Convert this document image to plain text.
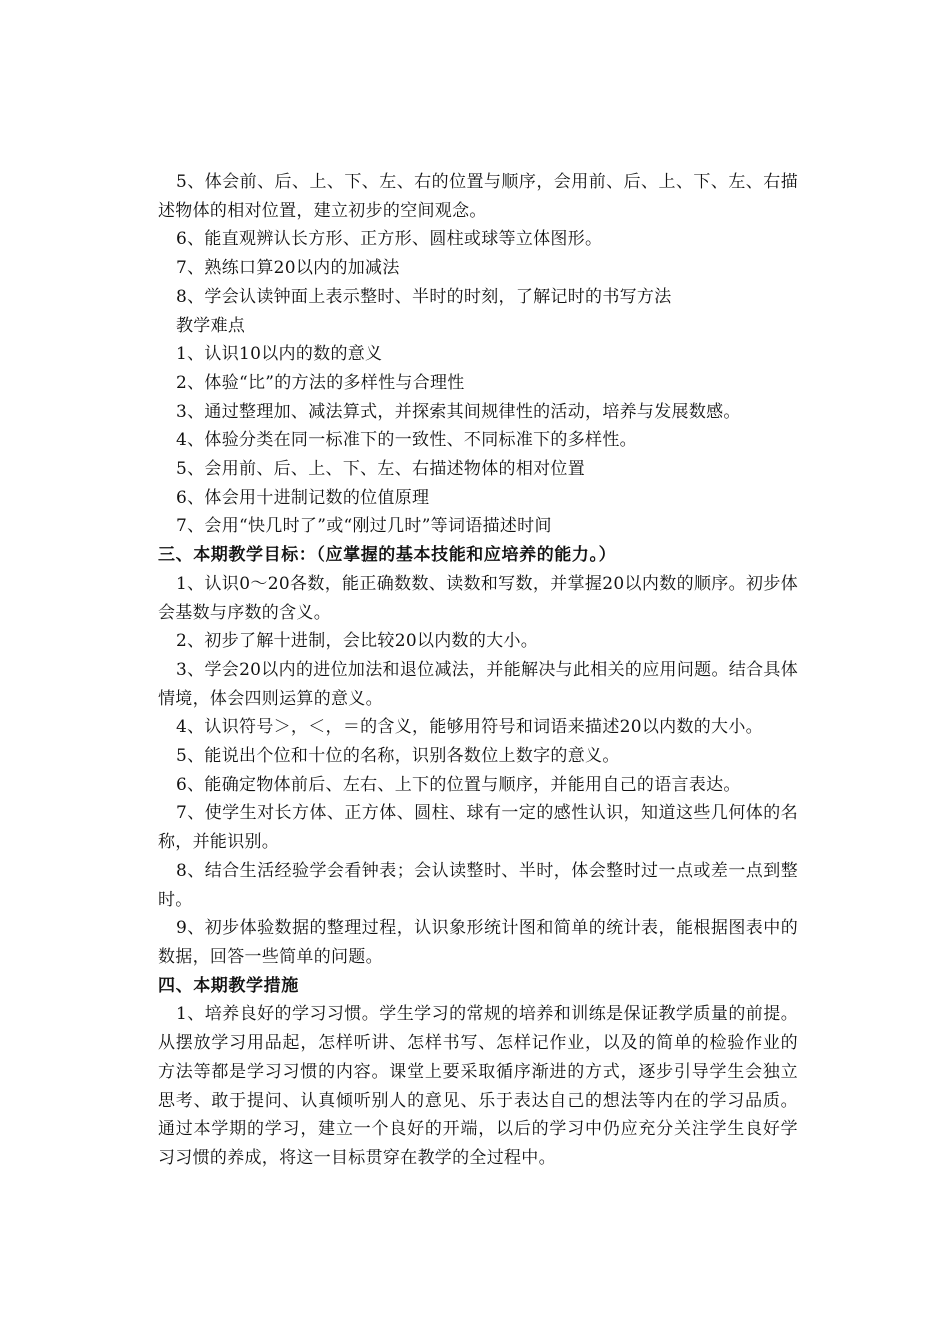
5、体会前、后、上、下、左、右的位置与顺序，会用前、后、上、下、左、右描述物体的相对位置，建立初步的空间观念。

6、能直观辨认长方形、正方形、圆柱或球等立体图形。

7、熟练口算20以内的加减法

8、学会认读钟面上表示整时、半时的时刻，了解记时的书写方法

教学难点

1、认识10以内的数的意义

2、体验“比”的方法的多样性与合理性

3、通过整理加、减法算式，并探索其间规律性的活动，培养与发展数感。

4、体验分类在同一标准下的一致性、不同标准下的多样性。

5、会用前、后、上、下、左、右描述物体的相对位置

6、体会用十进制记数的位值原理

7、会用“快几时了”或“刚过几时”等词语描述时间

三、本期教学目标：（应掌握的基本技能和应培养的能力。）

1、认识0～20各数，能正确数数、读数和写数，并掌握20以内数的顺序。初步体会基数与序数的含义。

2、初步了解十进制，会比较20以内数的大小。

3、学会20以内的进位加法和退位减法，并能解决与此相关的应用问题。结合具体情境，体会四则运算的意义。

4、认识符号＞，＜，＝的含义，能够用符号和词语来描述20以内数的大小。

5、能说出个位和十位的名称，识别各数位上数字的意义。

6、能确定物体前后、左右、上下的位置与顺序，并能用自己的语言表达。

7、使学生对长方体、正方体、圆柱、球有一定的感性认识，知道这些几何体的名称，并能识别。

8、结合生活经验学会看钟表；会认读整时、半时，体会整时过一点或差一点到整时。

9、初步体验数据的整理过程，认识象形统计图和简单的统计表，能根据图表中的数据，回答一些简单的问题。

四、本期教学措施

1、培养良好的学习习惯。学生学习的常规的培养和训练是保证教学质量的前提。从摆放学习用品起，怎样听讲、怎样书写、怎样记作业，以及的简单的检验作业的方法等都是学习习惯的内容。课堂上要采取循序渐进的方式，逐步引导学生会独立思考、敢于提问、认真倾听别人的意见、乐于表达自己的想法等内在的学习品质。通过本学期的学习，建立一个良好的开端，以后的学习中仍应充分关注学生良好学习习惯的养成，将这一目标贯穿在教学的全过程中。
